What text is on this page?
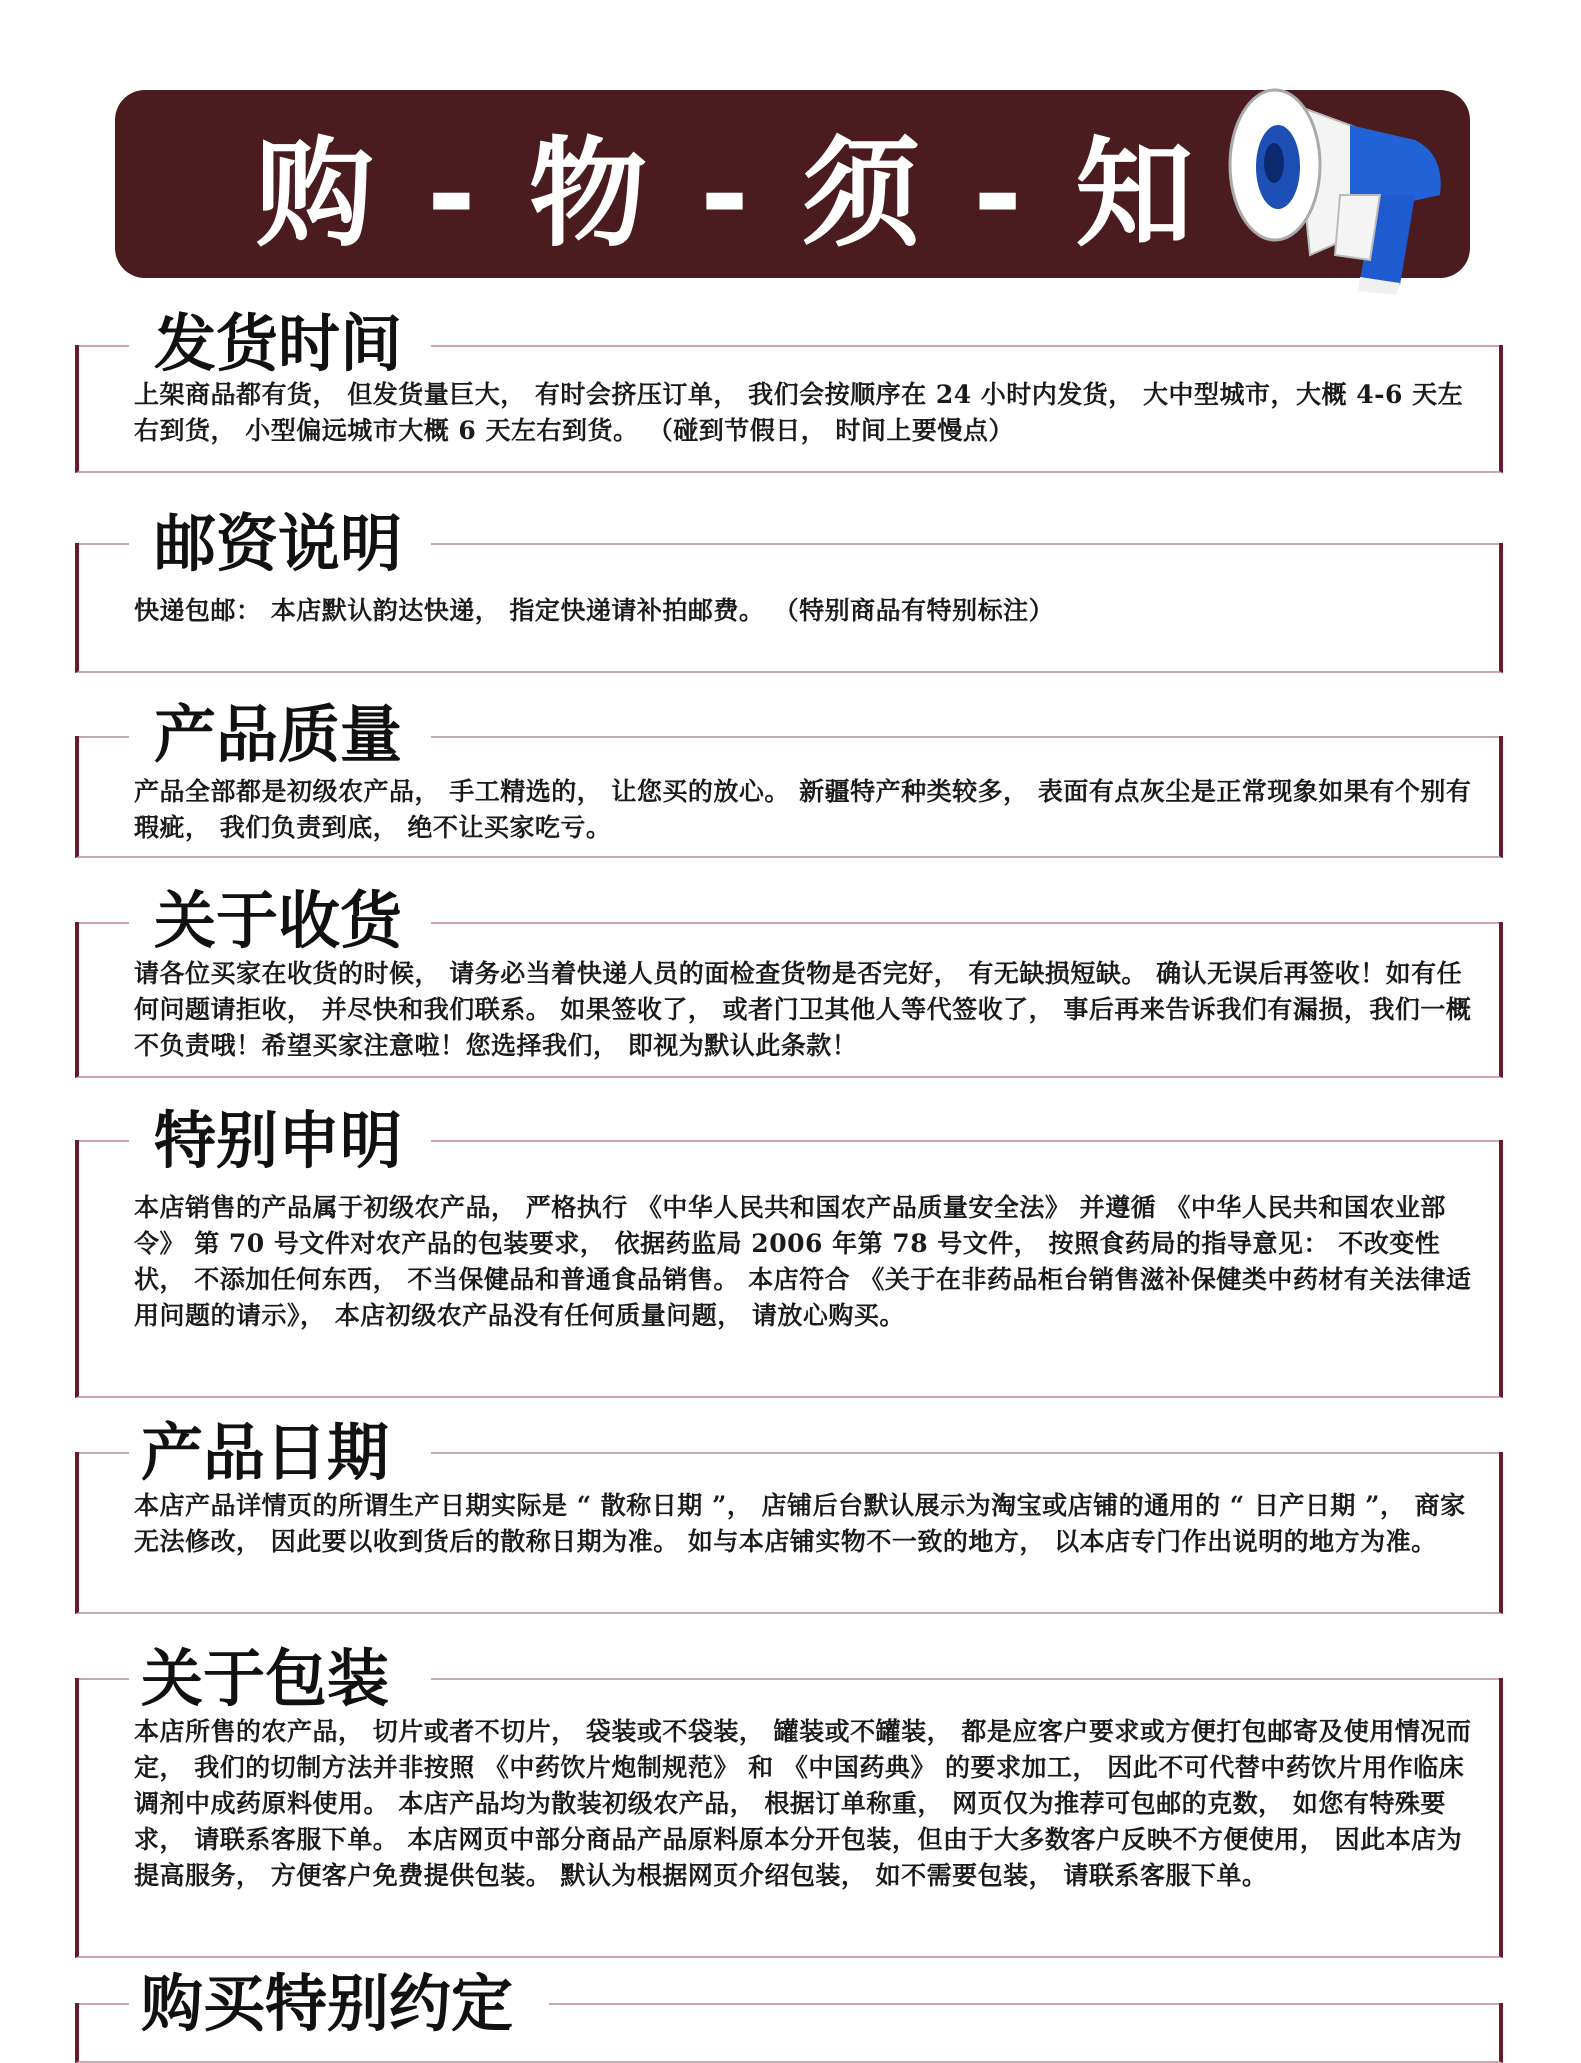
购 - 物 - 须 - 知
发货时间
上架商品都有货， 但发货量巨大， 有时会挤压订单， 我们会按顺序在 24 小时内发货， 大中型城市，大概 4-6 天左右到货， 小型偏远城市大概 6 天左右到货。 （碰到节假日， 时间上要慢点）
邮资说明
快递包邮： 本店默认韵达快递， 指定快递请补拍邮费。 （特别商品有特别标注）
产品质量
产品全部都是初级农产品， 手工精选的， 让您买的放心。 新疆特产种类较多， 表面有点灰尘是正常现象如果有个别有瑕疵， 我们负责到底， 绝不让买家吃亏。
关于收货
请各位买家在收货的时候， 请务必当着快递人员的面检查货物是否完好， 有无缺损短缺。 确认无误后再签收！如有任何问题请拒收， 并尽快和我们联系。 如果签收了， 或者门卫其他人等代签收了， 事后再来告诉我们有漏损，我们一概不负责哦！希望买家注意啦！您选择我们， 即视为默认此条款！
特别申明
本店销售的产品属于初级农产品， 严格执行 《中华人民共和国农产品质量安全法》 并遵循 《中华人民共和国农业部令》 第 70 号文件对农产品的包装要求， 依据药监局 2006 年第 78 号文件， 按照食药局的指导意见： 不改变性状， 不添加任何东西， 不当保健品和普通食品销售。 本店符合 《关于在非药品柜台销售滋补保健类中药材有关法律适用问题的请示》， 本店初级农产品没有任何质量问题， 请放心购买。
产品日期
本店产品详情页的所谓生产日期实际是 “ 散称日期 ”， 店铺后台默认展示为淘宝或店铺的通用的 “ 日产日期 ”， 商家无法修改， 因此要以收到货后的散称日期为准。 如与本店铺实物不一致的地方， 以本店专门作出说明的地方为准。
关于包装
本店所售的农产品， 切片或者不切片， 袋装或不袋装， 罐装或不罐装， 都是应客户要求或方便打包邮寄及使用情况而定， 我们的切制方法并非按照 《中药饮片炮制规范》 和 《中国药典》 的要求加工， 因此不可代替中药饮片用作临床调剂中成药原料使用。 本店产品均为散装初级农产品， 根据订单称重， 网页仅为推荐可包邮的克数， 如您有特殊要求， 请联系客服下单。 本店网页中部分商品产品原料原本分开包装，但由于大多数客户反映不方便使用， 因此本店为提高服务， 方便客户免费提供包装。 默认为根据网页介绍包装， 如不需要包装， 请联系客服下单。
购买特别约定
